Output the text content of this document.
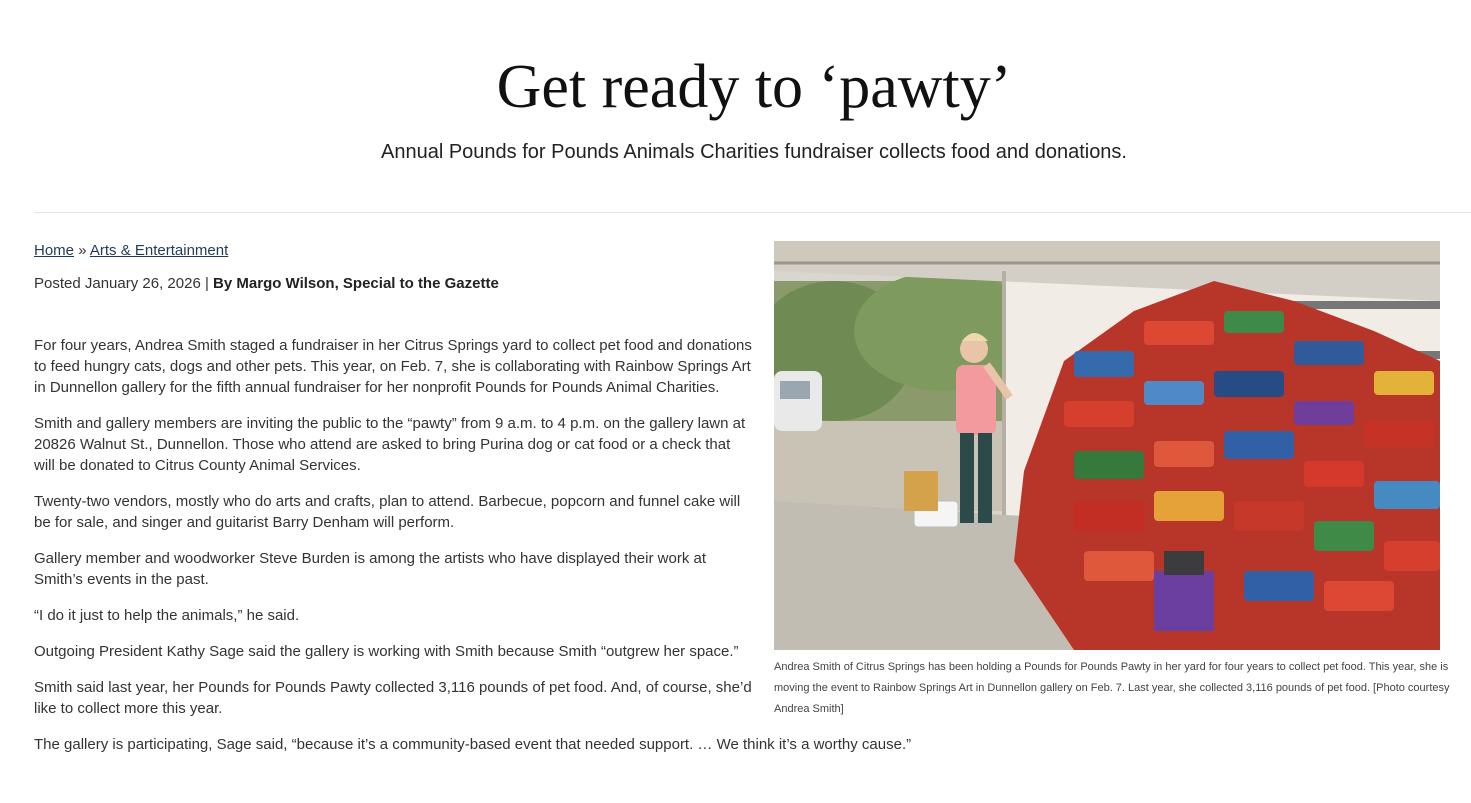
Get ready to ‘pawty’

Annual Pounds for Pounds Animals Charities fundraiser collects food and donations.

Home » Arts & Entertainment
Posted January 26, 2026 | By Margo Wilson, Special to the Gazette

For four years, Andrea Smith staged a fundraiser in her Citrus Springs yard to collect pet food and donations to feed hungry cats, dogs and other pets. This year, on Feb. 7, she is collaborating with Rainbow Springs Art in Dunnellon gallery for the fifth annual fundraiser for her nonprofit Pounds for Pounds Animal Charities.

Smith and gallery members are inviting the public to the “pawty” from 9 a.m. to 4 p.m. on the gallery lawn at 20826 Walnut St., Dunnellon. Those who attend are asked to bring Purina dog or cat food or a check that will be donated to Citrus County Animal Services.

Twenty-two vendors, mostly who do arts and crafts, plan to attend. Barbecue, popcorn and funnel cake will be for sale, and singer and guitarist Barry Denham will perform.

Gallery member and woodworker Steve Burden is among the artists who have displayed their work at Smith’s events in the past.

“I do it just to help the animals,” he said.

Outgoing President Kathy Sage said the gallery is working with Smith because Smith “outgrew her space.”

Smith said last year, her Pounds for Pounds Pawty collected 3,116 pounds of pet food. And, of course, she’d like to collect more this year.

The gallery is participating, Sage said, “because it’s a community-based event that needed support. … We think it’s a worthy cause.”

Andrea Smith of Citrus Springs has been holding a Pounds for Pounds Pawty in her yard for four years to collect pet food. This year, she is moving the event to Rainbow Springs Art in Dunnellon gallery on Feb. 7. Last year, she collected 3,116 pounds of pet food. [Photo courtesy Andrea Smith]
